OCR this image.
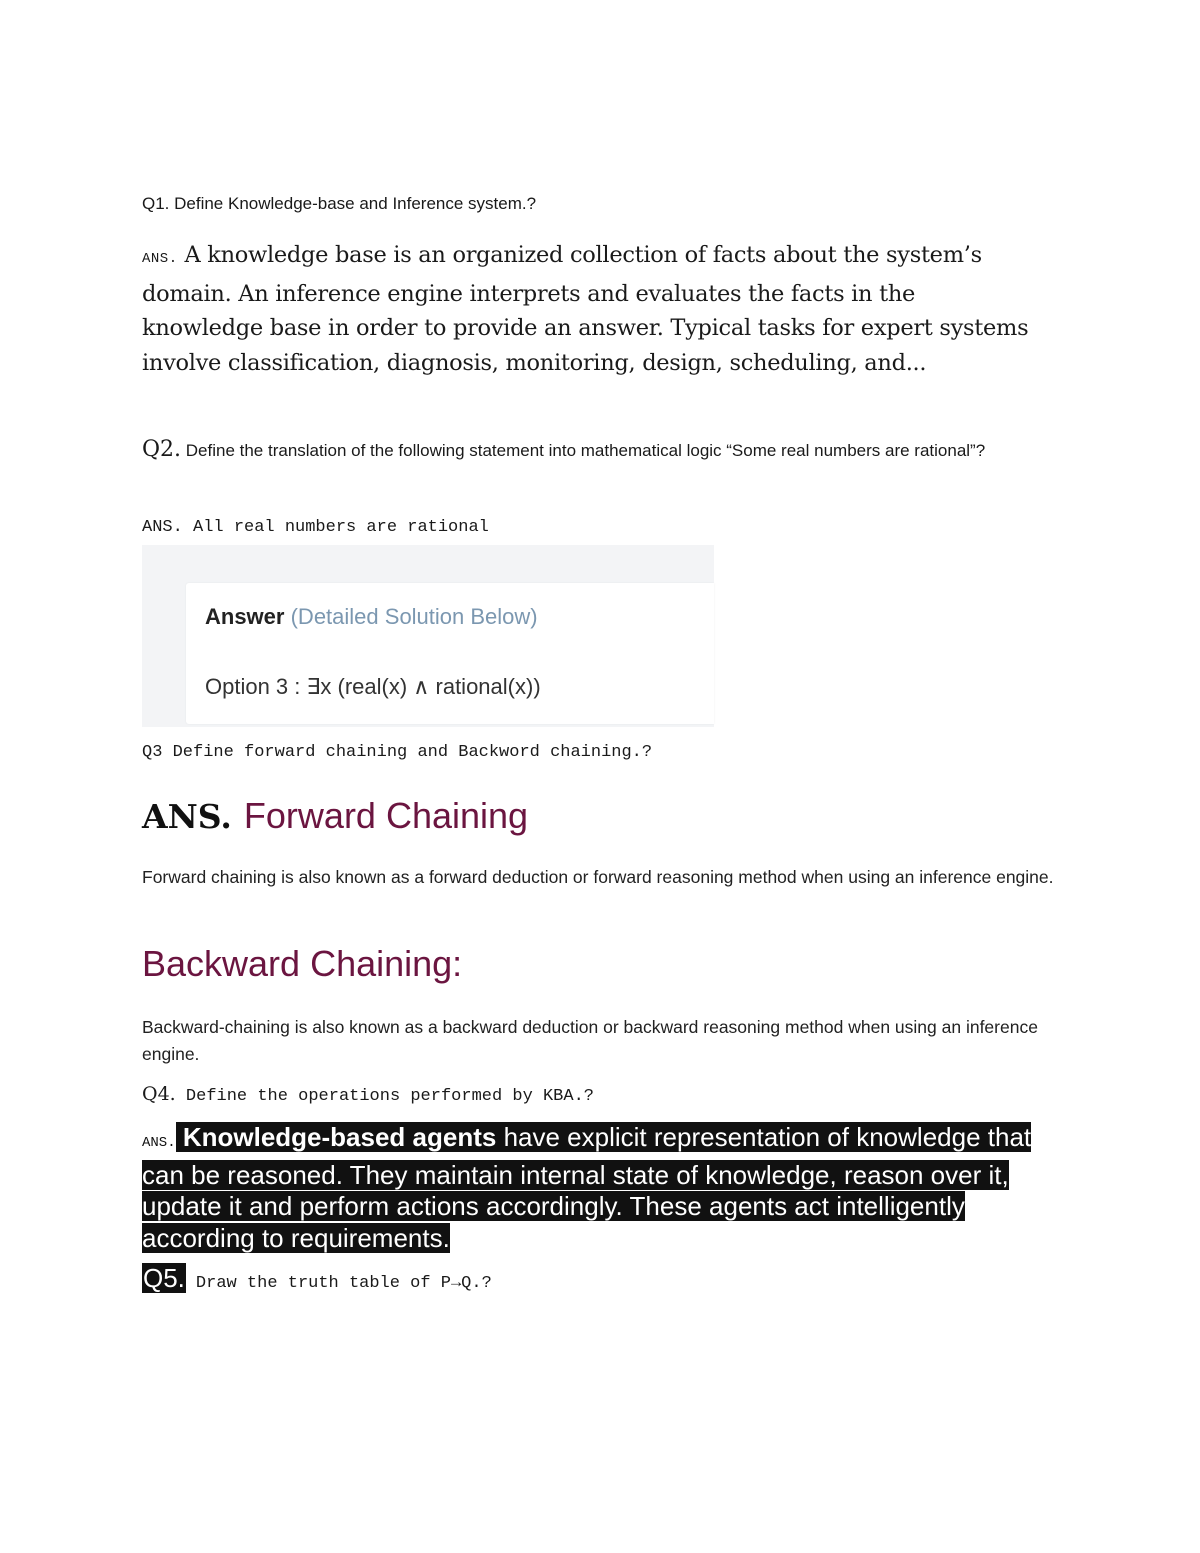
Q1. Define Knowledge-base and Inference system.?
ANS. A knowledge base is an organized collection of facts about the system’s domain. An inference engine interprets and evaluates the facts in the knowledge base in order to provide an answer. Typical tasks for expert systems involve classification, diagnosis, monitoring, design, scheduling, and...
Q2. Define the translation of the following statement into mathematical logic “Some real numbers are rational”?
ANS. All real numbers are rational
Answer (Detailed Solution Below)
Option 3 : ∃x (real(x) ∧ rational(x))
Q3 Define forward chaining and Backword chaining.?
ANS. Forward Chaining
Forward chaining is also known as a forward deduction or forward reasoning method when using an inference engine.
Backward Chaining:
Backward-chaining is also known as a backward deduction or backward reasoning method when using an inference engine.
Q4. Define the operations performed by KBA.?
ANS. Knowledge-based agents have explicit representation of knowledge that can be reasoned. They maintain internal state of knowledge, reason over it, update it and perform actions accordingly. These agents act intelligently according to requirements.
Q5. Draw the truth table of P→Q.?
